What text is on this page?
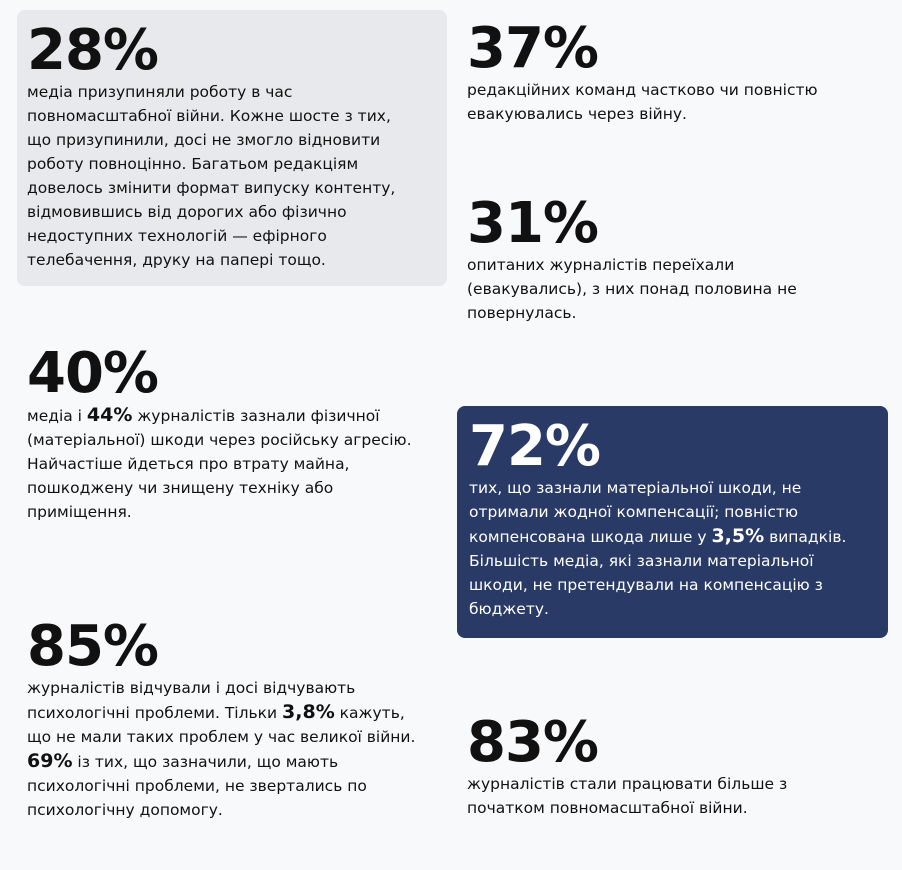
28%

медіа призупиняли роботу в час повномасштабної війни. Кожне шосте з тих, що призупинили, досі не змогло відновити роботу повноцінно. Багатьом редакціям довелось змінити формат випуску контенту, відмовившись від дорогих або фізично недоступних технологій — ефірного телебачення, друку на папері тощо.

37%

редакційних команд частково чи повністю евакуювались через війну.

31%

опитаних журналістів переїхали (евакувались), з них понад половина не повернулась.

40%

медіа і 44% журналістів зазнали фізичної (матеріальної) шкоди через російську агресію. Найчастіше йдеться про втрату майна, пошкоджену чи знищену техніку або приміщення.

72%

тих, що зазнали матеріальної шкоди, не отримали жодної компенсації; повністю компенсована шкода лише у 3,5% випадків. Більшість медіа, які зазнали матеріальної шкоди, не претендували на компенсацію з бюджету.

85%

журналістів відчували і досі відчувають психологічні проблеми. Тільки 3,8% кажуть, що не мали таких проблем у час великої війни. 69% із тих, що зазначили, що мають психологічні проблеми, не звертались по психологічну допомогу.

83%

журналістів стали працювати більше з початком повномасштабної війни.
